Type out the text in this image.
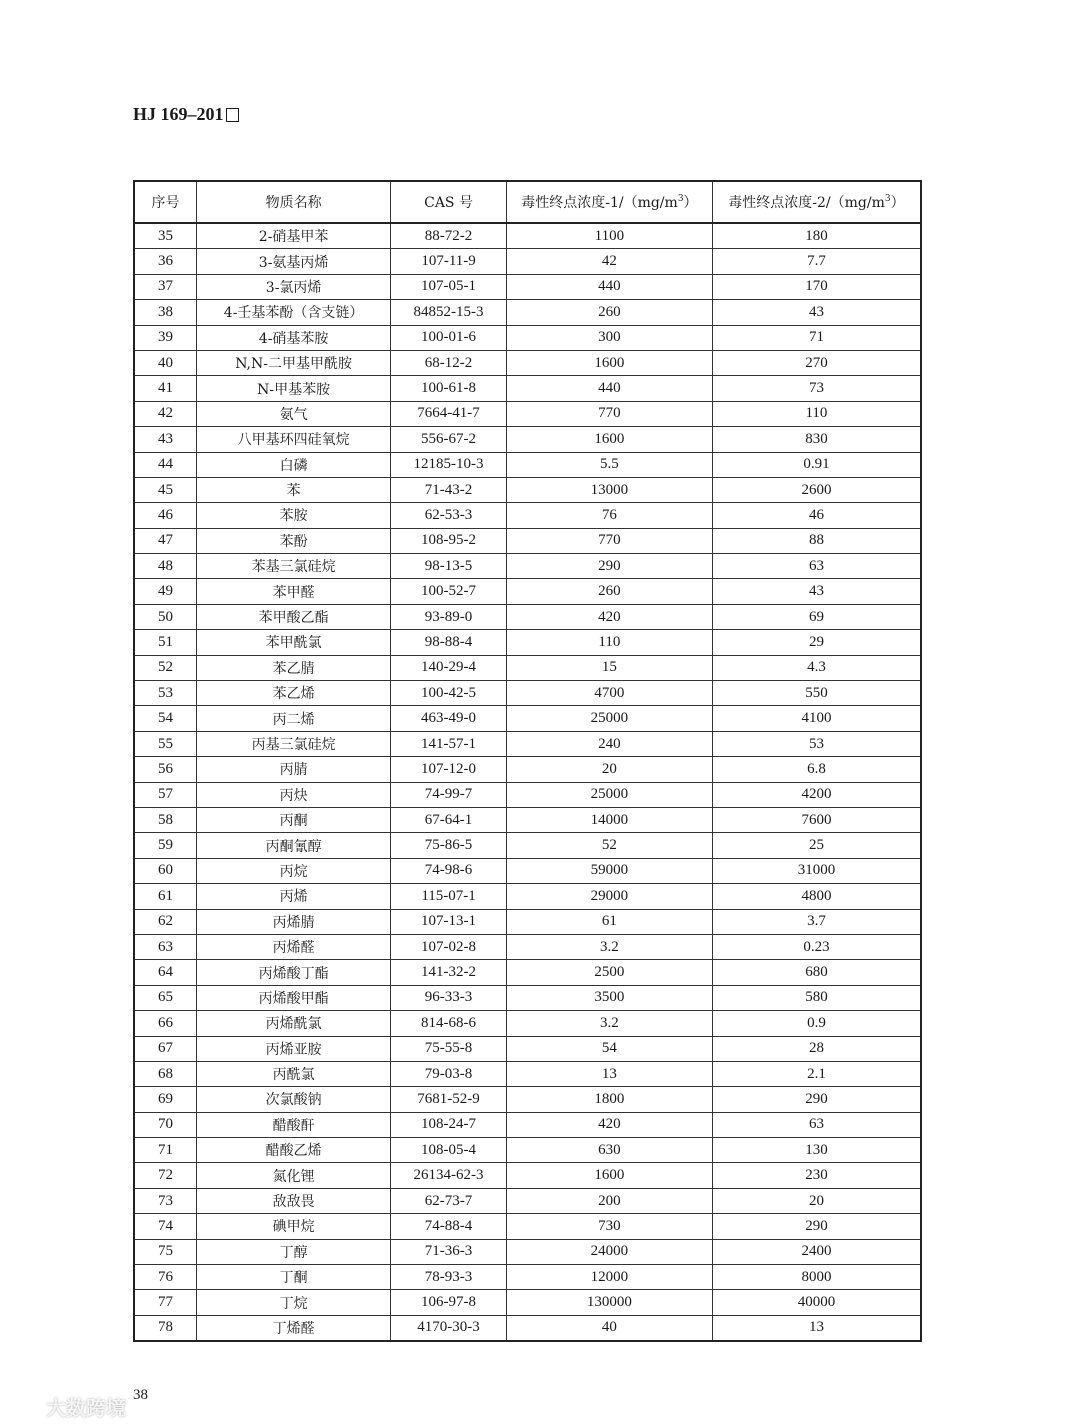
HJ 169–201
序号	物质名称	CAS 号	毒性终点浓度$-1/(mg/m^3)$	毒性终点浓度$-2/(mg/m^3)$
35	2-硝基甲苯	88-72-2	1100	180
36	3-氨基丙烯	107-11-9	42	7.7
37	3-氯丙烯	107-05-1	440	170
38	4-壬基苯酚（含支链）	84852-15-3	260	43
39	4-硝基苯胺	100-01-6	300	71
40	N,N-二甲基甲酰胺	68-12-2	1600	270
41	N-甲基苯胺	100-61-8	440	73
42	氨气	7664-41-7	770	110
43	八甲基环四硅氧烷	556-67-2	1600	830
44	白磷	12185-10-3	5.5	0.91
45	苯	71-43-2	13000	2600
46	苯胺	62-53-3	76	46
47	苯酚	108-95-2	770	88
48	苯基三氯硅烷	98-13-5	290	63
49	苯甲醛	100-52-7	260	43
50	苯甲酸乙酯	93-89-0	420	69
51	苯甲酰氯	98-88-4	110	29
52	苯乙腈	140-29-4	15	4.3
53	苯乙烯	100-42-5	4700	550
54	丙二烯	463-49-0	25000	4100
55	丙基三氯硅烷	141-57-1	240	53
56	丙腈	107-12-0	20	6.8
57	丙炔	74-99-7	25000	4200
58	丙酮	67-64-1	14000	7600
59	丙酮氰醇	75-86-5	52	25
60	丙烷	74-98-6	59000	31000
61	丙烯	115-07-1	29000	4800
62	丙烯腈	107-13-1	61	3.7
63	丙烯醛	107-02-8	3.2	0.23
64	丙烯酸丁酯	141-32-2	2500	680
65	丙烯酸甲酯	96-33-3	3500	580
66	丙烯酰氯	814-68-6	3.2	0.9
67	丙烯亚胺	75-55-8	54	28
68	丙酰氯	79-03-8	13	2.1
69	次氯酸钠	7681-52-9	1800	290
70	醋酸酐	108-24-7	420	63
71	醋酸乙烯	108-05-4	630	130
72	氮化锂	26134-62-3	1600	230
73	敌敌畏	62-73-7	200	20
74	碘甲烷	74-88-4	730	290
75	丁醇	71-36-3	24000	2400
76	丁酮	78-93-3	12000	8000
77	丁烷	106-97-8	130000	40000
78	丁烯醛	4170-30-3	40	13
38
大数跨境
